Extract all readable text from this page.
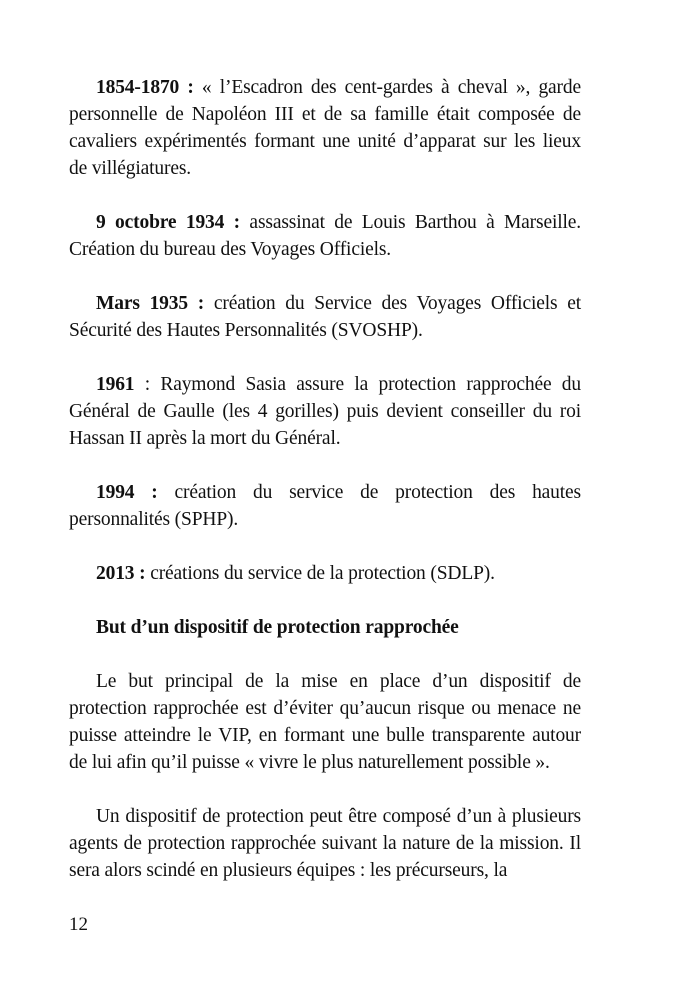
1854-1870 : « l’Escadron des cent-gardes à cheval », garde personnelle de Napoléon III et de sa famille était composée de cavaliers expérimentés formant une unité d’apparat sur les lieux de villégiatures.

9 octobre 1934 : assassinat de Louis Barthou à Marseille. Création du bureau des Voyages Officiels.

Mars 1935 : création du Service des Voyages Officiels et Sécurité des Hautes Personnalités (SVOSHP).

1961 : Raymond Sasia assure la protection rapprochée du Général de Gaulle (les 4 gorilles) puis devient conseiller du roi Hassan II après la mort du Général.

1994 : création du service de protection des hautes personnalités (SPHP).

2013 : créations du service de la protection (SDLP).

But d’un dispositif de protection rapprochée

Le but principal de la mise en place d’un dispositif de protection rapprochée est d’éviter qu’aucun risque ou menace ne puisse atteindre le VIP, en formant une bulle transparente autour de lui afin qu’il puisse « vivre le plus naturellement possible ».

Un dispositif de protection peut être composé d’un à plusieurs agents de protection rapprochée suivant la nature de la mission. Il sera alors scindé en plusieurs équipes : les précurseurs, la

12
